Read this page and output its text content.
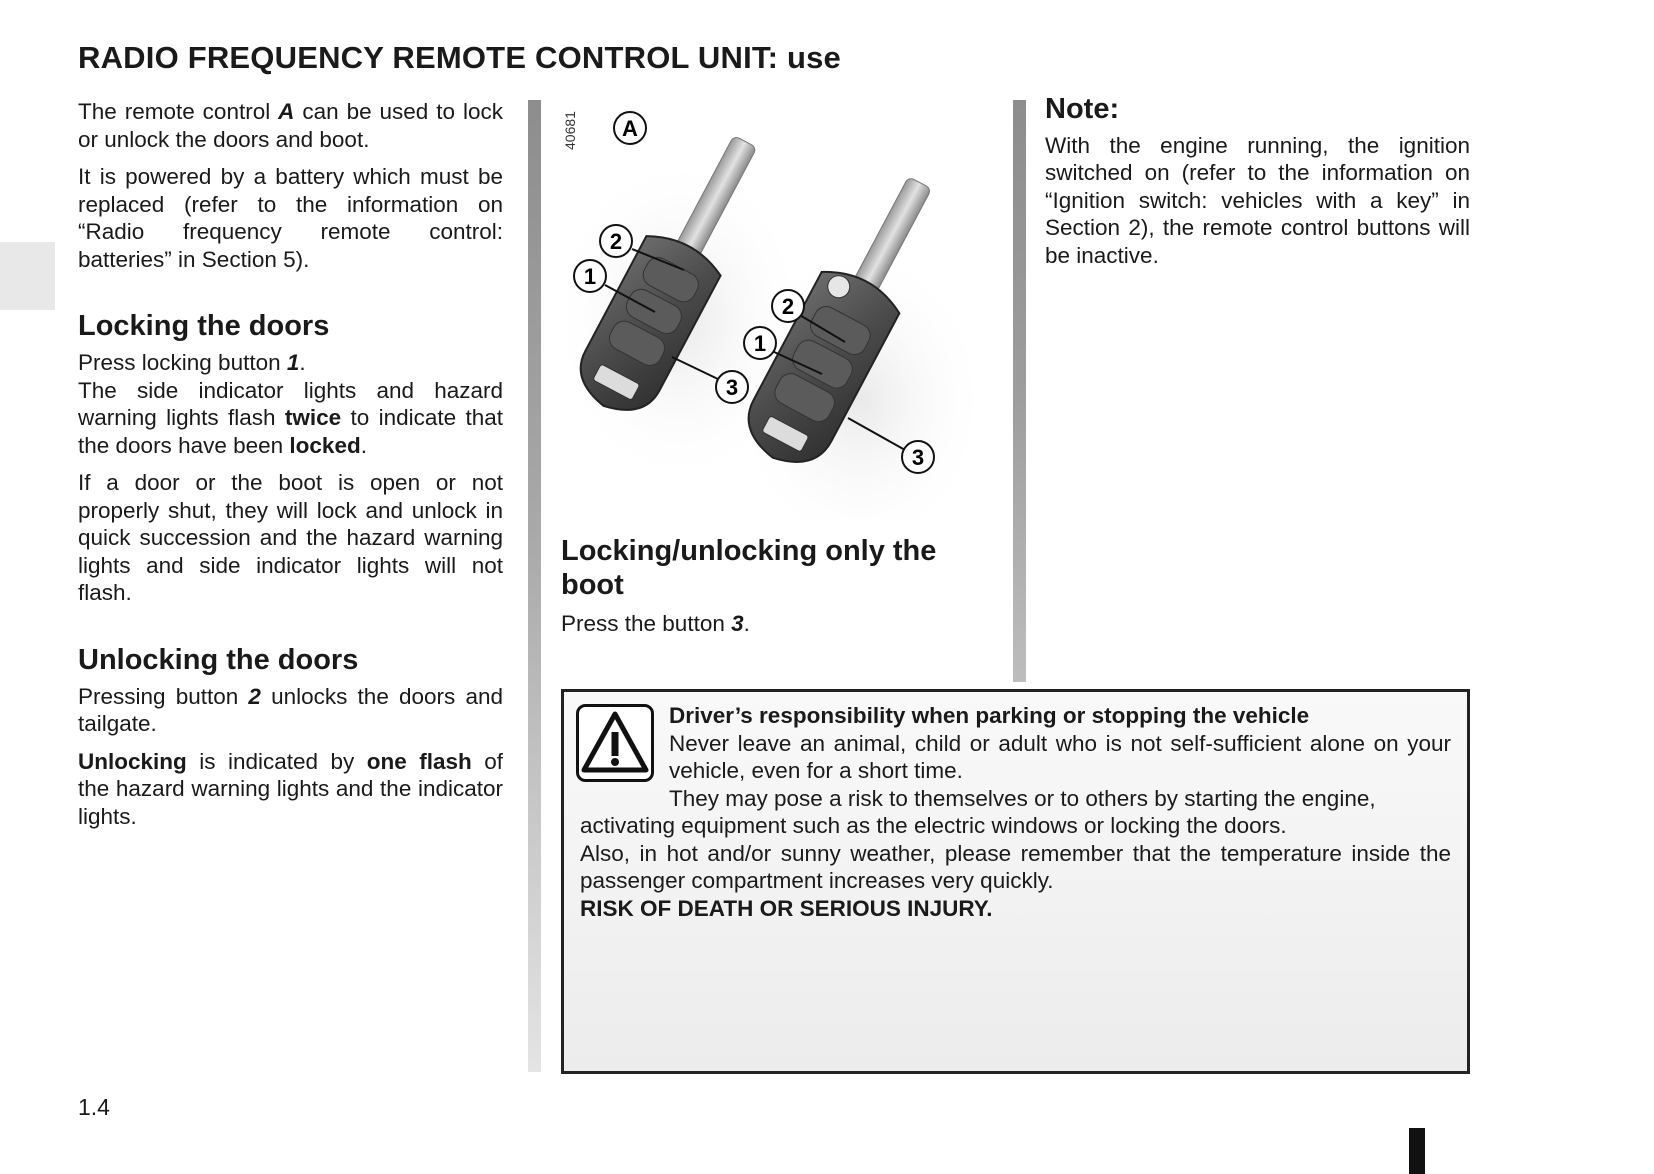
RADIO FREQUENCY REMOTE CONTROL UNIT: use

The remote control A can be used to lock or unlock the doors and boot.

It is powered by a battery which must be replaced (refer to the information on “Radio frequency remote control: batteries” in Section 5).

Locking the doors

Press locking button 1.

The side indicator lights and hazard warning lights flash twice to indicate that the doors have been locked.

If a door or the boot is open or not properly shut, they will lock and unlock in quick succession and the hazard warning lights and side indicator lights will not flash.

Unlocking the doors

Pressing button 2 unlocks the doors and tailgate.

Unlocking is indicated by one flash of the hazard warning lights and the indicator lights.

40681 A
2
1
3
2
1
3

Locking/unlocking only the boot

Press the button 3.

Note:

With the engine running, the ignition switched on (refer to the information on “Ignition switch: vehicles with a key” in Section 2), the remote control buttons will be inactive.

Driver’s responsibility when parking or stopping the vehicle

Never leave an animal, child or adult who is not self-sufficient alone on your vehicle, even for a short time.

They may pose a risk to themselves or to others by starting the engine,

activating equipment such as the electric windows or locking the doors.

Also, in hot and/or sunny weather, please remember that the temperature inside the passenger compartment increases very quickly.

RISK OF DEATH OR SERIOUS INJURY.

1.4
